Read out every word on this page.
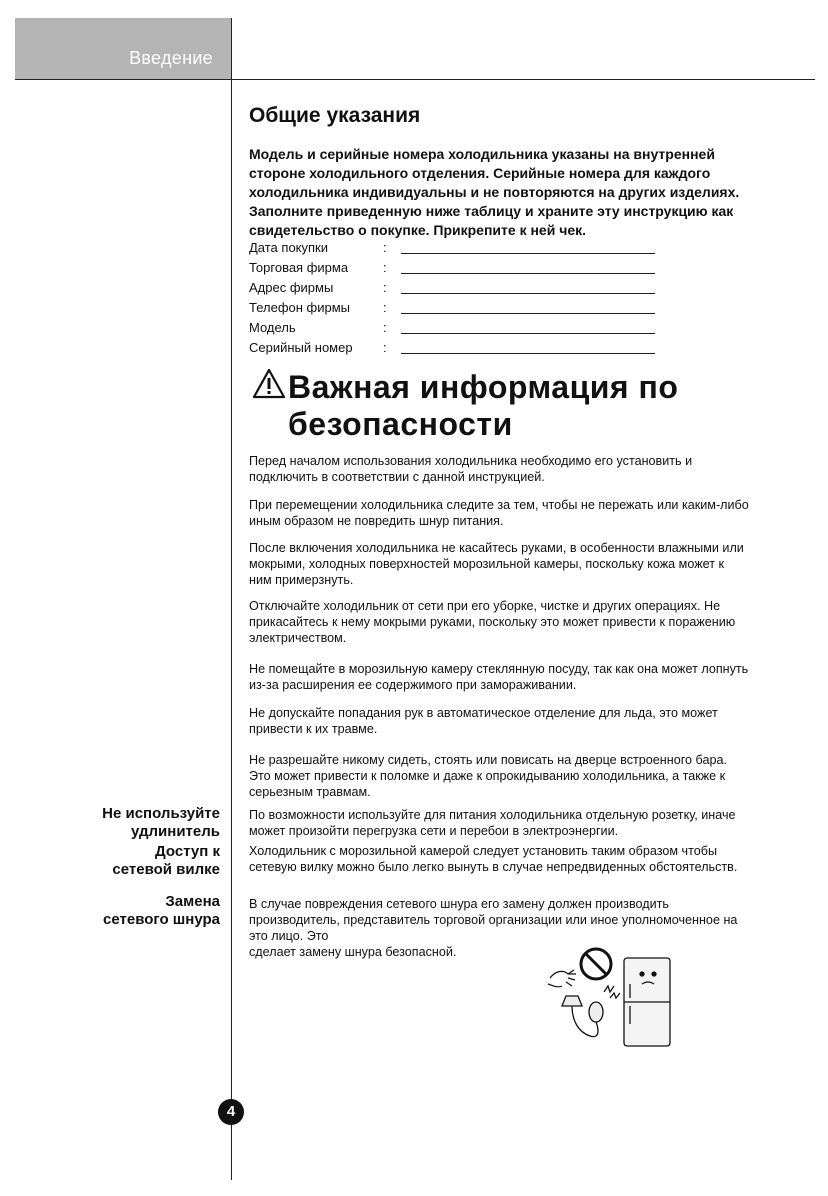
Введение
Общие указания

Модель и серийные номера холодильника указаны на внутренней стороне холодильного отделения. Серийные номера для каждого холодильника индивидуальны и не повторяются на других изделиях. Заполните приведенную ниже таблицу и храните эту инструкцию как свидетельство о покупке. Прикрепите к ней чек.

Дата покупки	:
Торговая фирма	:
Адрес фирмы	:
Телефон фирмы	:
Модель	:
Серийный номер :
Важная информация по
безопасности

Перед началом использования холодильника необходимо его установить и подключить в соответствии с данной инструкцией.

При перемещении холодильника следите за тем, чтобы не пережать или каким-либо иным образом не повредить шнур питания.

После включения холодильника не касайтесь руками, в особенности влажными или мокрыми, холодных поверхностей морозильной камеры, поскольку кожа может к ним примерзнуть.

Отключайте холодильник от сети при его уборке, чистке и других операциях. Не прикасайтесь к нему мокрыми руками, поскольку это может привести к поражению электричеством.

Не помещайте в морозильную камеру стеклянную посуду, так как она может лопнуть из-за расширения ее содержимого при замораживании.

Не допускайте попадания рук в автоматическое отделение для льда, это может привести к их травме.

Не разрешайте никому сидеть, стоять или повисать на дверце встроенного бара. Это может привести к поломке и даже к опрокидыванию холодильника, а также к серьезным травмам.

По возможности используйте для питания холодильника отдельную розетку, иначе может произойти перегрузка сети и перебои в электроэнергии.

Холодильник с морозильной камерой следует установить таким образом чтобы сетевую вилку можно было легко вынуть в случае непредвиденных обстоятельств.

В случае повреждения сетевого шнура его замену должен производить производитель, представитель торговой организации или иное уполномоченное на это лицо. Это
сделает замену шнура безопасной.

Не используйте
удлинитель
Доступ к
сетевой вилке
Замена
сетевого шнура
4
